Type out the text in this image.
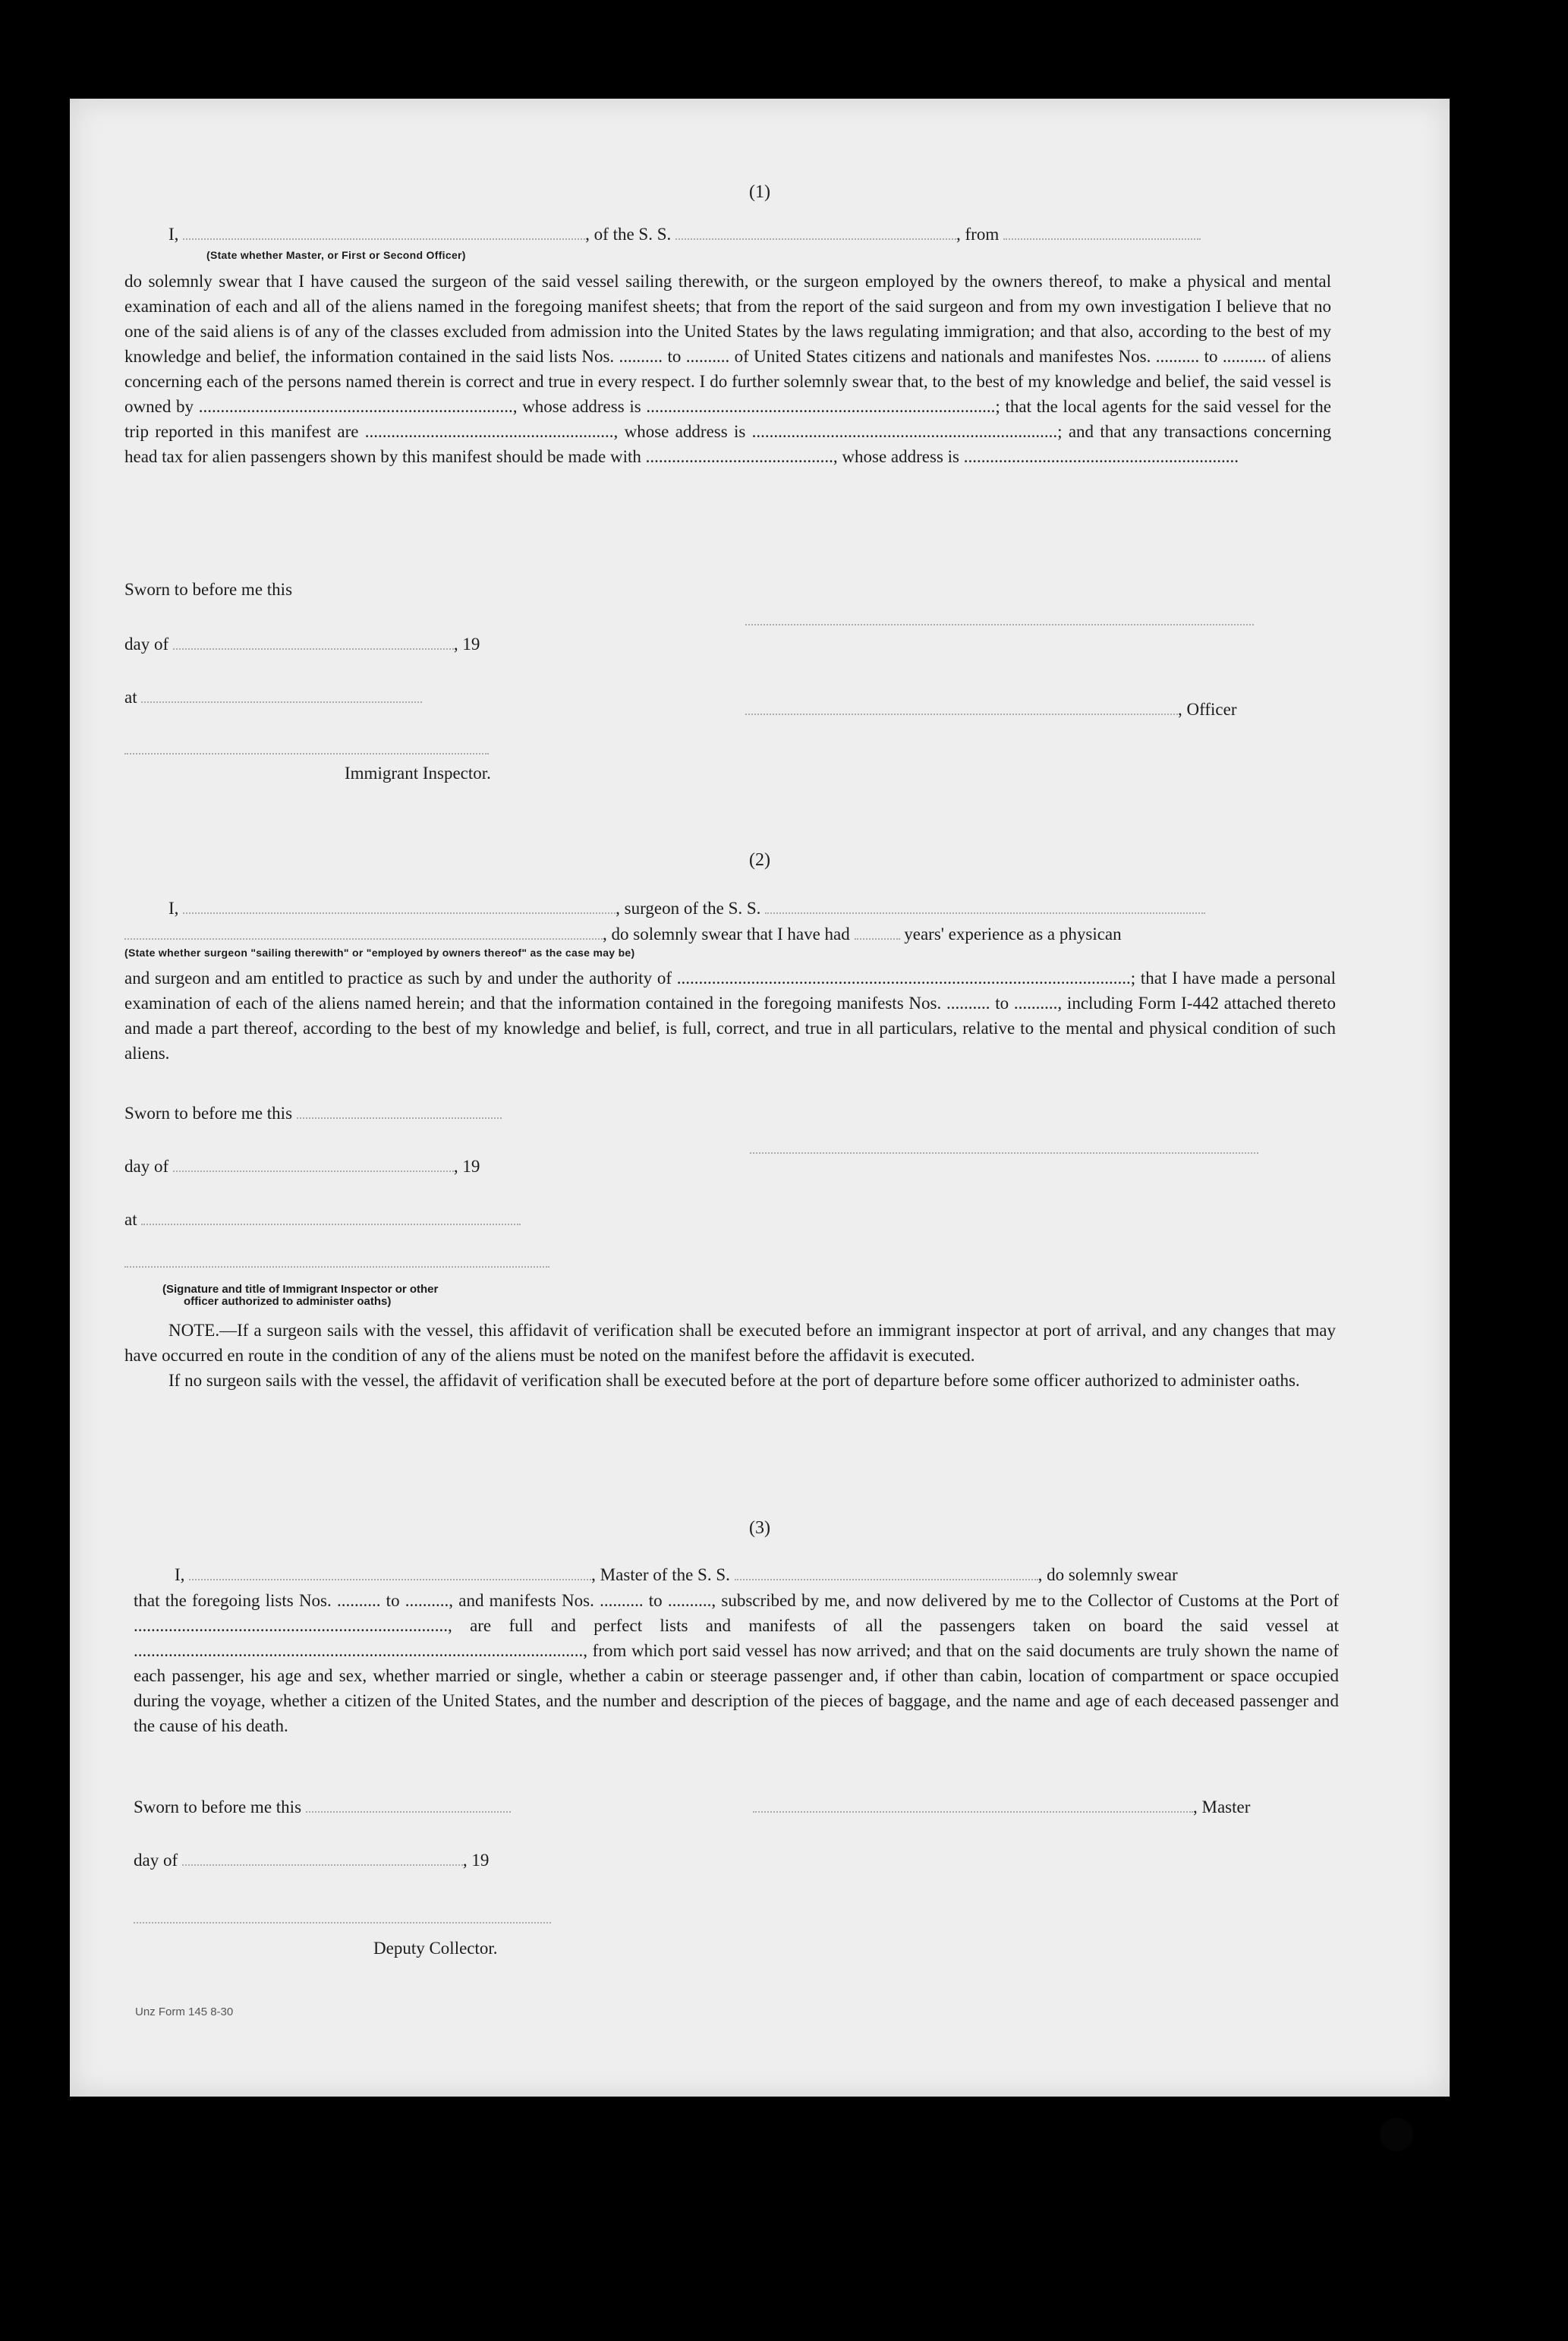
(1)
I,	, of the S. S.	, from
(State whether Master, or First or Second Officer)

do solemnly swear that I have caused the surgeon of the said vessel sailing therewith, or the surgeon employed by the owners thereof, to make a physical and mental examination of each and all of the aliens named in the foregoing manifest sheets; that from the report of the said surgeon and from my own investigation I believe that no one of the said aliens is of any of the classes excluded from admission into the United States by the laws regulating immigration; and that also, according to the best of my knowledge and belief, the information contained in the said lists Nos. .......... to .......... of United States citizens and nationals and manifestes Nos. .......... to .......... of aliens concerning each of the persons named therein is correct and true in every respect. I do further solemnly swear that, to the best of my knowledge and belief, the said vessel is owned by ........................................................................, whose address is ................................................................................; that the local agents for the said vessel for the trip reported in this manifest are ........................................................., whose address is ......................................................................; and that any transactions concerning head tax for alien passengers shown by this manifest should be made with ..........................................., whose address is ...............................................................

Sworn to before me this
day of	, 19
at
, Officer
Immigrant Inspector.
(2)
I,	, surgeon of the S. S.
, do solemnly swear that I have had	years' experience as a physican
(State whether surgeon "sailing therewith" or "employed by owners thereof" as the case may be)

and surgeon and am entitled to practice as such by and under the authority of ........................................................................................................; that I have made a personal examination of each of the aliens named herein; and that the information contained in the foregoing manifests Nos. .......... to .........., including Form I-442 attached thereto and made a part thereof, according to the best of my knowledge and belief, is full, correct, and true in all particulars, relative to the mental and physical condition of such aliens.

Sworn to before me this
day of	, 19
at
(Signature and title of Immigrant Inspector or other
officer authorized to administer oaths)

NOTE.—If a surgeon sails with the vessel, this affidavit of verification shall be executed before an immigrant inspector at port of arrival, and any changes that may have occurred en route in the condition of any of the aliens must be noted on the manifest before the affidavit is executed.

If no surgeon sails with the vessel, the affidavit of verification shall be executed before at the port of departure before some officer authorized to administer oaths.

(3)
I,	, Master of the S. S.	, do solemnly swear

that the foregoing lists Nos. .......... to .........., and manifests Nos. .......... to .........., subscribed by me, and now delivered by me to the Collector of Customs at the Port of ........................................................................, are full and perfect lists and manifests of all the passengers taken on board the said vessel at ......................................................................................................., from which port said vessel has now arrived; and that on the said documents are truly shown the name of each passenger, his age and sex, whether married or single, whether a cabin or steerage passenger and, if other than cabin, location of compartment or space occupied during the voyage, whether a citizen of the United States, and the number and description of the pieces of baggage, and the name and age of each deceased passenger and the cause of his death.

Sworn to before me this	, Master
day of	, 19
Deputy Collector.
Unz Form 145 8-30
